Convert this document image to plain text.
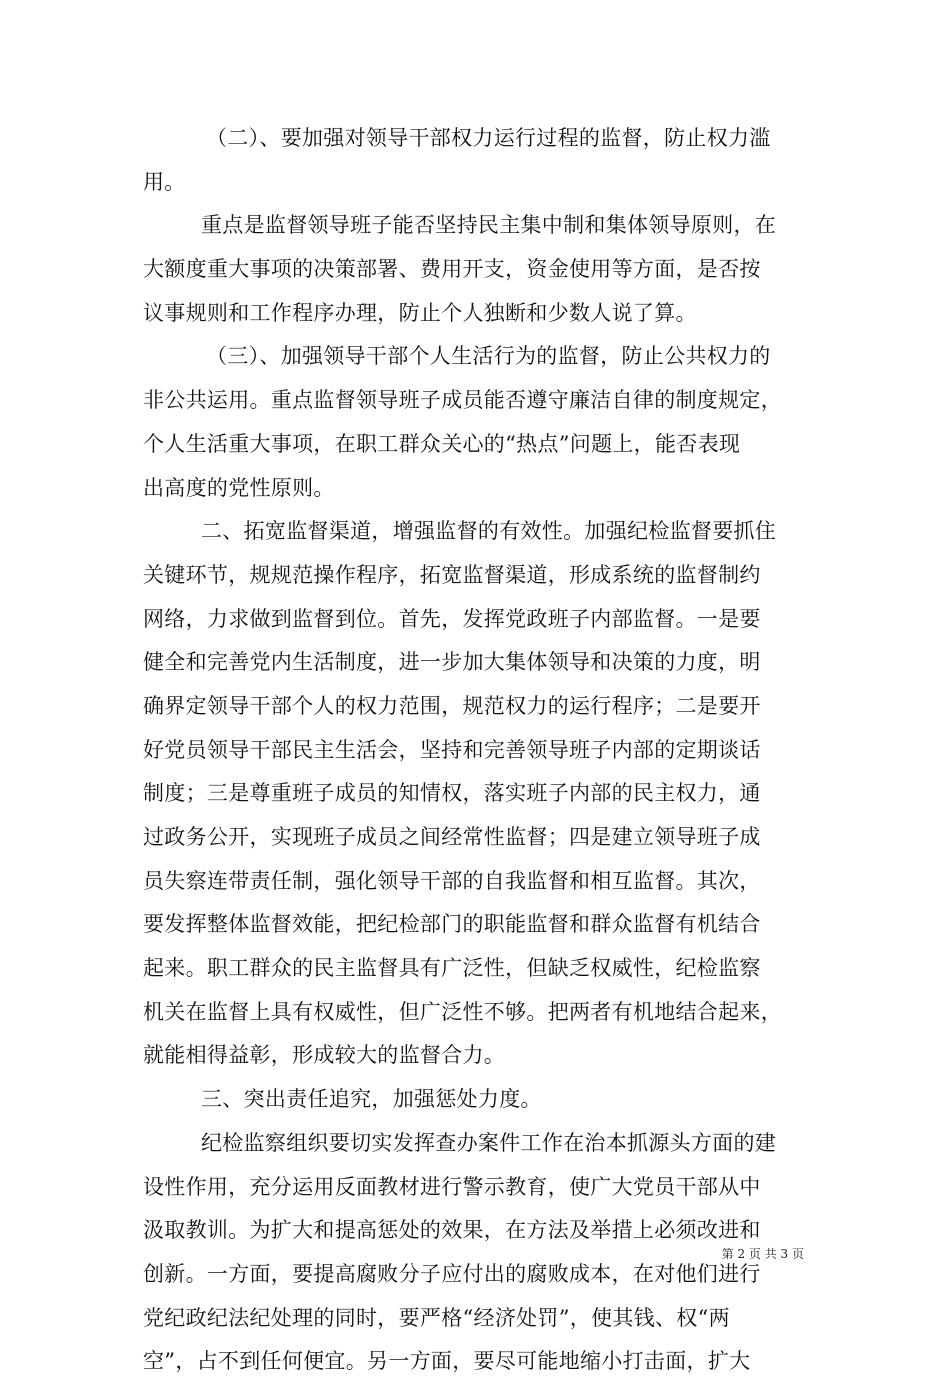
（二）、要加强对领导干部权力运行过程的监督，防止权力滥
用。
重点是监督领导班子能否坚持民主集中制和集体领导原则，在
大额度重大事项的决策部署、费用开支，资金使用等方面，是否按
议事规则和工作程序办理，防止个人独断和少数人说了算。
（三）、加强领导干部个人生活行为的监督，防止公共权力的
非公共运用。重点监督领导班子成员能否遵守廉洁自律的制度规定，
个人生活重大事项，在职工群众关心的“热点”问题上，能否表现
出高度的党性原则。
二、拓宽监督渠道，增强监督的有效性。加强纪检监督要抓住
关键环节，规规范操作程序，拓宽监督渠道，形成系统的监督制约
网络，力求做到监督到位。首先，发挥党政班子内部监督。一是要
健全和完善党内生活制度，进一步加大集体领导和决策的力度，明
确界定领导干部个人的权力范围，规范权力的运行程序；二是要开
好党员领导干部民主生活会，坚持和完善领导班子内部的定期谈话
制度；三是尊重班子成员的知情权，落实班子内部的民主权力，通
过政务公开，实现班子成员之间经常性监督；四是建立领导班子成
员失察连带责任制，强化领导干部的自我监督和相互监督。其次，
要发挥整体监督效能，把纪检部门的职能监督和群众监督有机结合
起来。职工群众的民主监督具有广泛性，但缺乏权威性，纪检监察
机关在监督上具有权威性，但广泛性不够。把两者有机地结合起来，
就能相得益彰，形成较大的监督合力。
三、突出责任追究，加强惩处力度。
纪检监察组织要切实发挥查办案件工作在治本抓源头方面的建
设性作用，充分运用反面教材进行警示教育，使广大党员干部从中
汲取教训。为扩大和提高惩处的效果，在方法及举措上必须改进和
创新。一方面，要提高腐败分子应付出的腐败成本，在对他们进行
党纪政纪法纪处理的同时，要严格“经济处罚”，使其钱、权“两
空”，占不到任何便宜。另一方面，要尽可能地缩小打击面，扩大
第 2 页 共 3 页
